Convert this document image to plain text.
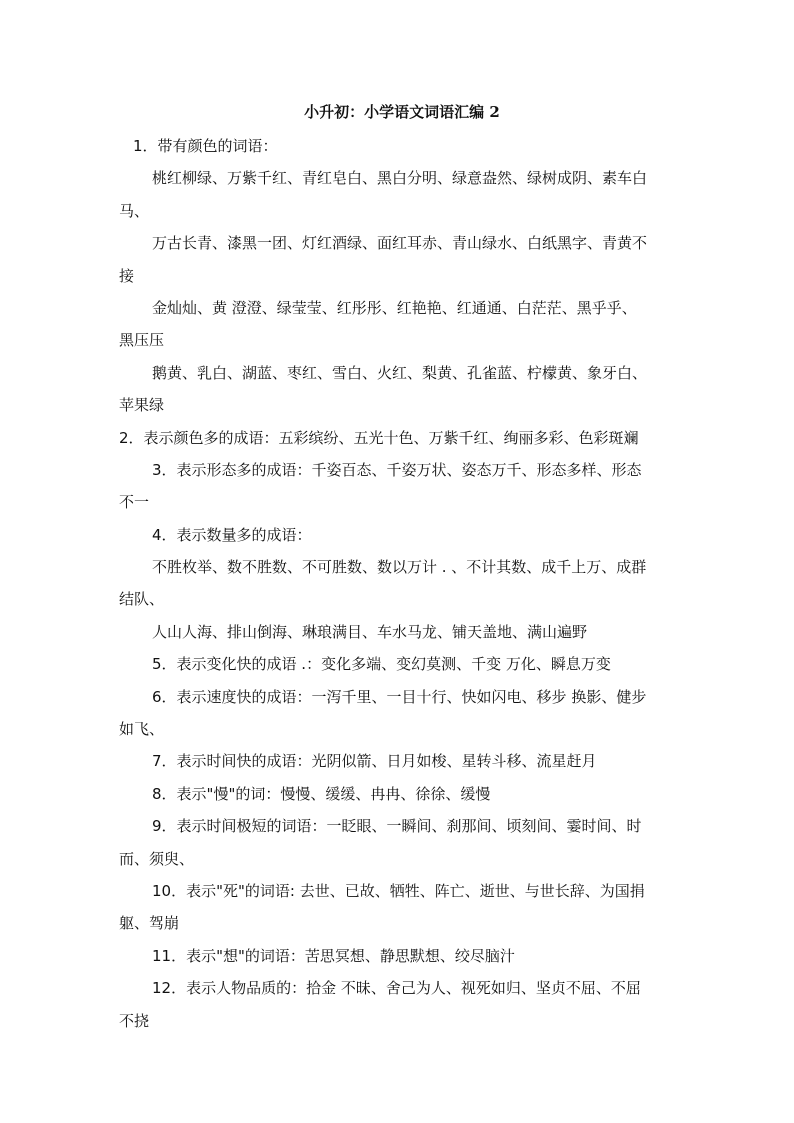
小升初：小学语文词语汇编 2
1．带有颜色的词语：
桃红柳绿、万紫千红、青红皂白、黑白分明、绿意盎然、绿树成阴、素车白
马、
万古长青、漆黑一团、灯红酒绿、面红耳赤、青山绿水、白纸黑字、青黄不
接
金灿灿、黄 澄澄、绿莹莹、红彤彤、红艳艳、红通通、白茫茫、黑乎乎、
黑压压
鹅黄、乳白、湖蓝、枣红、雪白、火红、梨黄、孔雀蓝、柠檬黄、象牙白、
苹果绿
2．表示颜色多的成语：五彩缤纷、五光十色、万紫千红、绚丽多彩、色彩斑斓
3．表示形态多的成语：千姿百态、千姿万状、姿态万千、形态多样、形态
不一
4．表示数量多的成语：
不胜枚举、数不胜数、不可胜数、数以万计 . 、不计其数、成千上万、成群
结队、
人山人海、排山倒海、琳琅满目、车水马龙、铺天盖地、满山遍野
5．表示变化快的成语 .：变化多端、变幻莫测、千变 万化、瞬息万变
6．表示速度快的成语：一泻千里、一目十行、快如闪电、移步 换影、健步
如飞、
7．表示时间快的成语：光阴似箭、日月如梭、星转斗移、流星赶月
8．表示"慢"的词：慢慢、缓缓、冉冉、徐徐、缓慢
9．表示时间极短的词语：一眨眼、一瞬间、刹那间、顷刻间、霎时间、时
而、须臾、
10．表示"死"的词语: 去世、已故、牺牲、阵亡、逝世、与世长辞、为国捐
躯、驾崩
11．表示"想"的词语：苦思冥想、静思默想、绞尽脑汁
12．表示人物品质的：拾金 不昧、舍己为人、视死如归、坚贞不屈、不屈
不挠
